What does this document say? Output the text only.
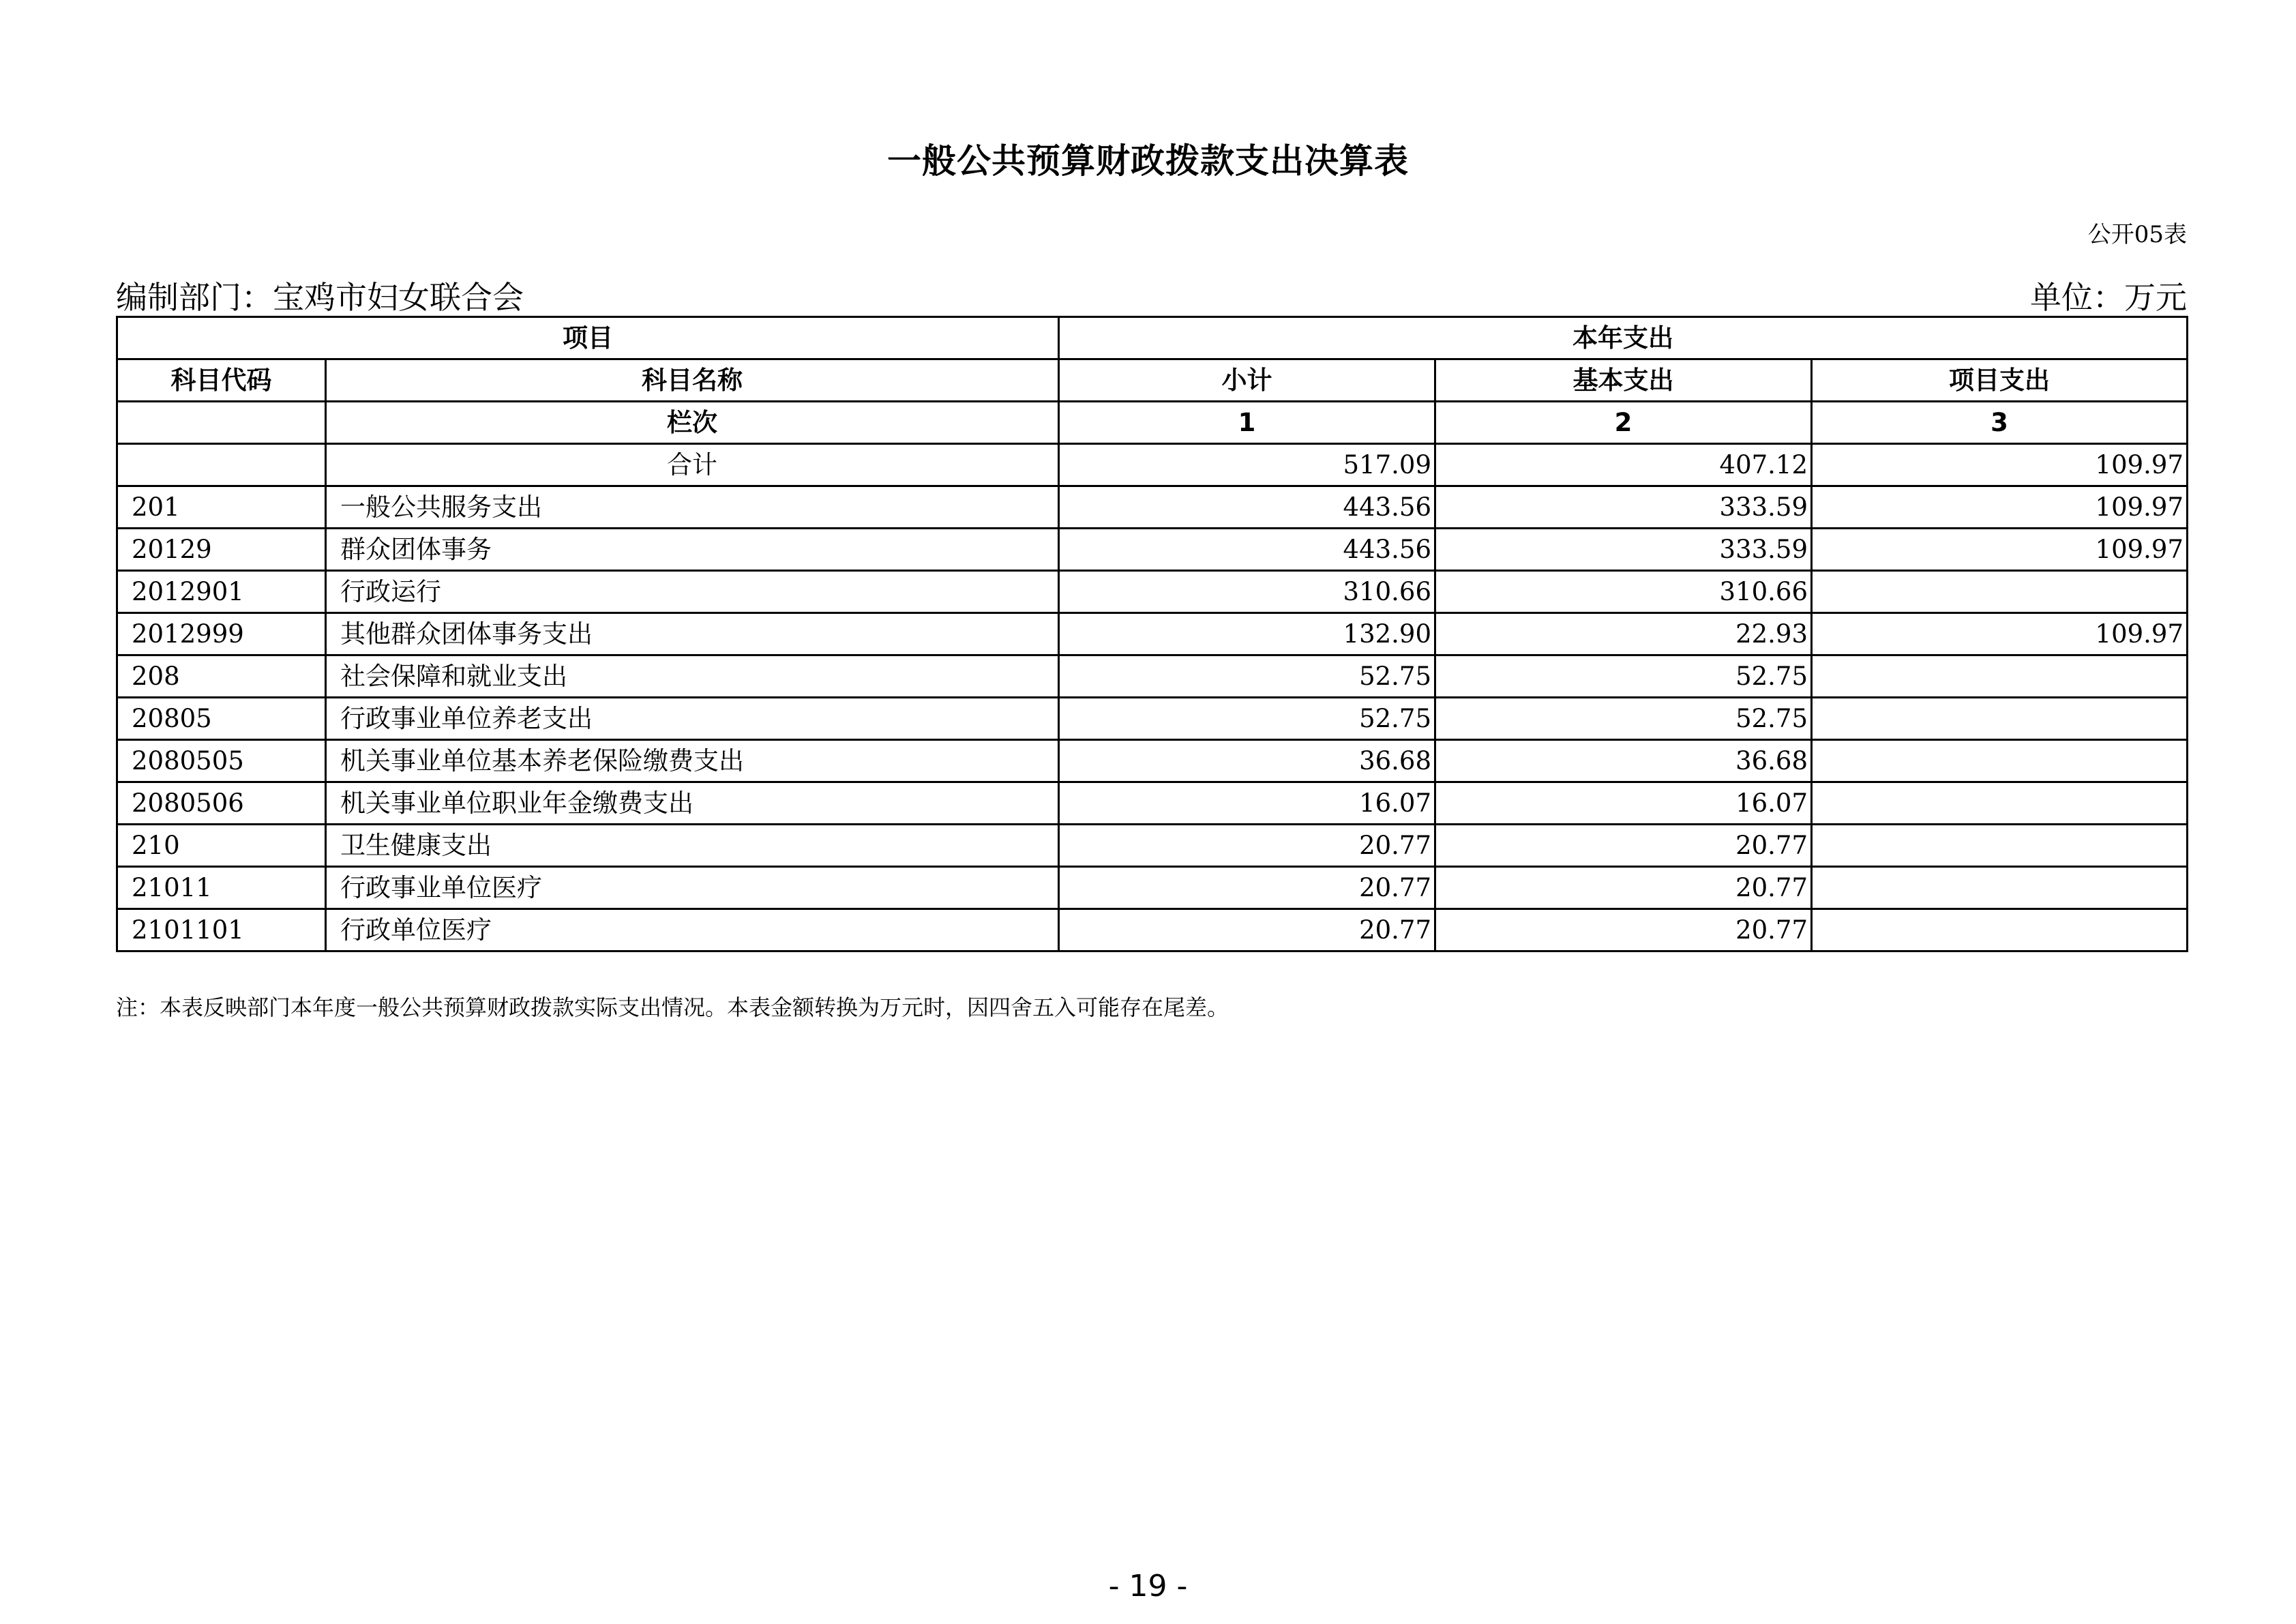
一般公共预算财政拨款支出决算表
公开05表
编制部门：宝鸡市妇女联合会	单位：万元
项目		本年支出		
科目代码	科目名称	小计	基本支出	项目支出
	栏次	1	2	3
	合计	517.09	407.12	109.97
201	一般公共服务支出	443.56	333.59	109.97
20129	群众团体事务	443.56	333.59	109.97
2012901	行政运行	310.66	310.66	
2012999	其他群众团体事务支出	132.90	22.93	109.97
208	社会保障和就业支出	52.75	52.75	
20805	行政事业单位养老支出	52.75	52.75	
2080505	机关事业单位基本养老保险缴费支出	36.68	36.68	
2080506	机关事业单位职业年金缴费支出	16.07	16.07	
210	卫生健康支出	20.77	20.77	
21011	行政事业单位医疗	20.77	20.77	
2101101	行政单位医疗	20.77	20.77	
注：本表反映部门本年度一般公共预算财政拨款实际支出情况。本表金额转换为万元时，因四舍五入可能存在尾差。
- 19 -
